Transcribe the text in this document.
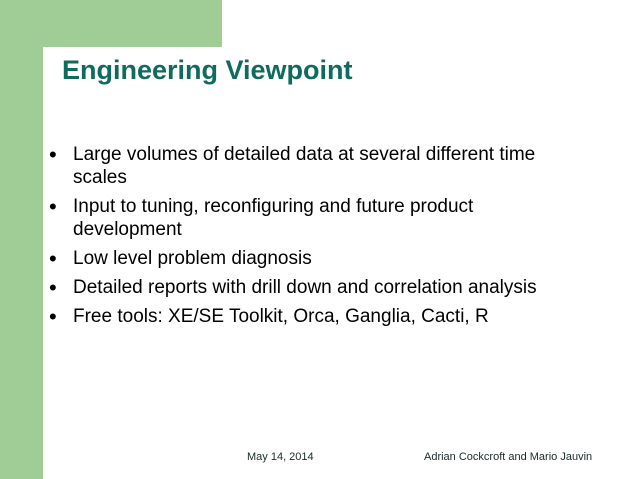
Engineering Viewpoint
• Large volumes of detailed data at several different time scales
• Input to tuning, reconfiguring and future product development
• Low level problem diagnosis
• Detailed reports with drill down and correlation analysis
• Free tools: XE/SE Toolkit, Orca, Ganglia, Cacti, R
May 14, 2014	Adrian Cockcroft and Mario Jauvin
